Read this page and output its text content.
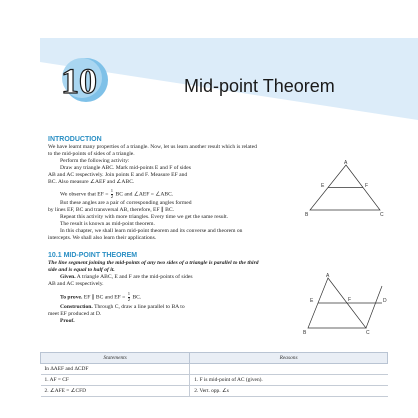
10	Mid-point Theorem
INTRODUCTION
We have learnt many properties of a triangle. Now, let us learn another result which is related
to the mid-points of sides of a triangle.
Perform the following activity:
Draw any triangle ABC. Mark mid-points E and F of sides
AB and AC respectively. Join points E and F. Measure EF and
BC. Also measure ∠AEF and ∠ABC.
We observe that EF = $\frac{1}{2}$ BC and ∠AEF = ∠ABC.
But these angles are a pair of corresponding angles formed
by lines EF, BC and transversal AB, therefore, EF ∥ BC.
Repeat this activity with more triangles. Every time we get the same result.
The result is known as mid-point theorem.
In this chapter, we shall learn mid-point theorem and its converse and theorem on
intercepts. We shall also learn their applications.
A
B	C
E	F
10.1 MID-POINT THEOREM
The line segment joining the mid-points of any two sides of a triangle is parallel to the third
side and is equal to half of it.
Given. A triangle ABC, E and F are the mid-points of sides
AB and AC respectively.
To prove. EF ∥ BC and EF = $\frac{1}{2}$ BC.
Construction. Through C, draw a line parallel to BA to
meet EF produced at D.
Proof.
A
B	C
D
E	F
Statements	Reasons
In ΔAEF and ΔCDF	
1. AF = CF	1. F is mid-point of AC (given).
2. ∠AFE = ∠CFD	2. Vert. opp. ∠s
